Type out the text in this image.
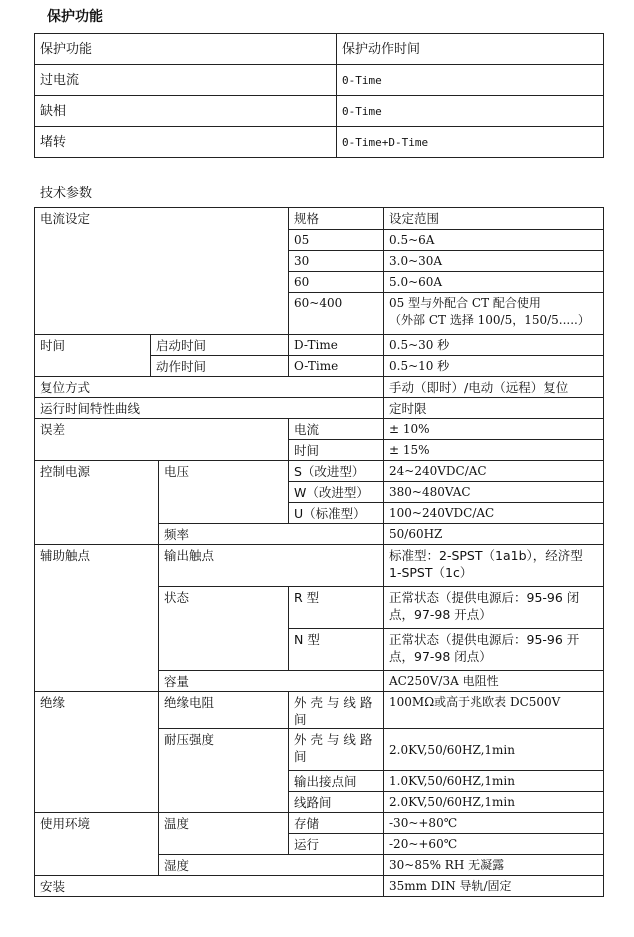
保护功能
保护功能	保护动作时间
过电流	0-Time
缺相	0-Time
堵转	0-Time+D-Time
技术参数
电流设定			规格	设定范围
			05	0.5~6A
			30	3.0~30A
			60	5.0~60A
			60~400	05 型与外配合 CT 配合使用
（外部 CT 选择 100/5，150/5.....）

时间	启动时间		D-Time	0.5~30 秒
	动作时间		O-Time	0.5~10 秒
复位方式				手动（即时）/电动（远程）复位
运行时间特性曲线				定时限
误差			电流	± 10%
			时间	± 15%
控制电源		电压	S（改进型）	24~240VDC/AC
			W（改进型）	380~480VAC
			U（标准型）	100~240VDC/AC
		频率		50/60HZ
辅助触点		输出触点		标准型：2-SPST（1a1b），经济型
1-SPST（1c）

		状态	R 型	正常状态（提供电源后：95-96 闭
点，97-98 开点）

			N 型	正常状态（提供电源后：95-96 开
点，97-98 闭点）

		容量		AC250V/3A 电阻性
绝缘		绝缘电阻	外 壳 与 线 路
间	100MΩ或高于兆欧表 DC500V
		耐压强度	外 壳 与 线 路
间	2.0KV,50/60HZ,1min
			输出接点间	1.0KV,50/60HZ,1min
			线路间	2.0KV,50/60HZ,1min
使用环境		温度	存储	-30~+80℃
			运行	-20~+60℃
		湿度		30~85% RH 无凝露
安装				35mm DIN 导轨/固定
